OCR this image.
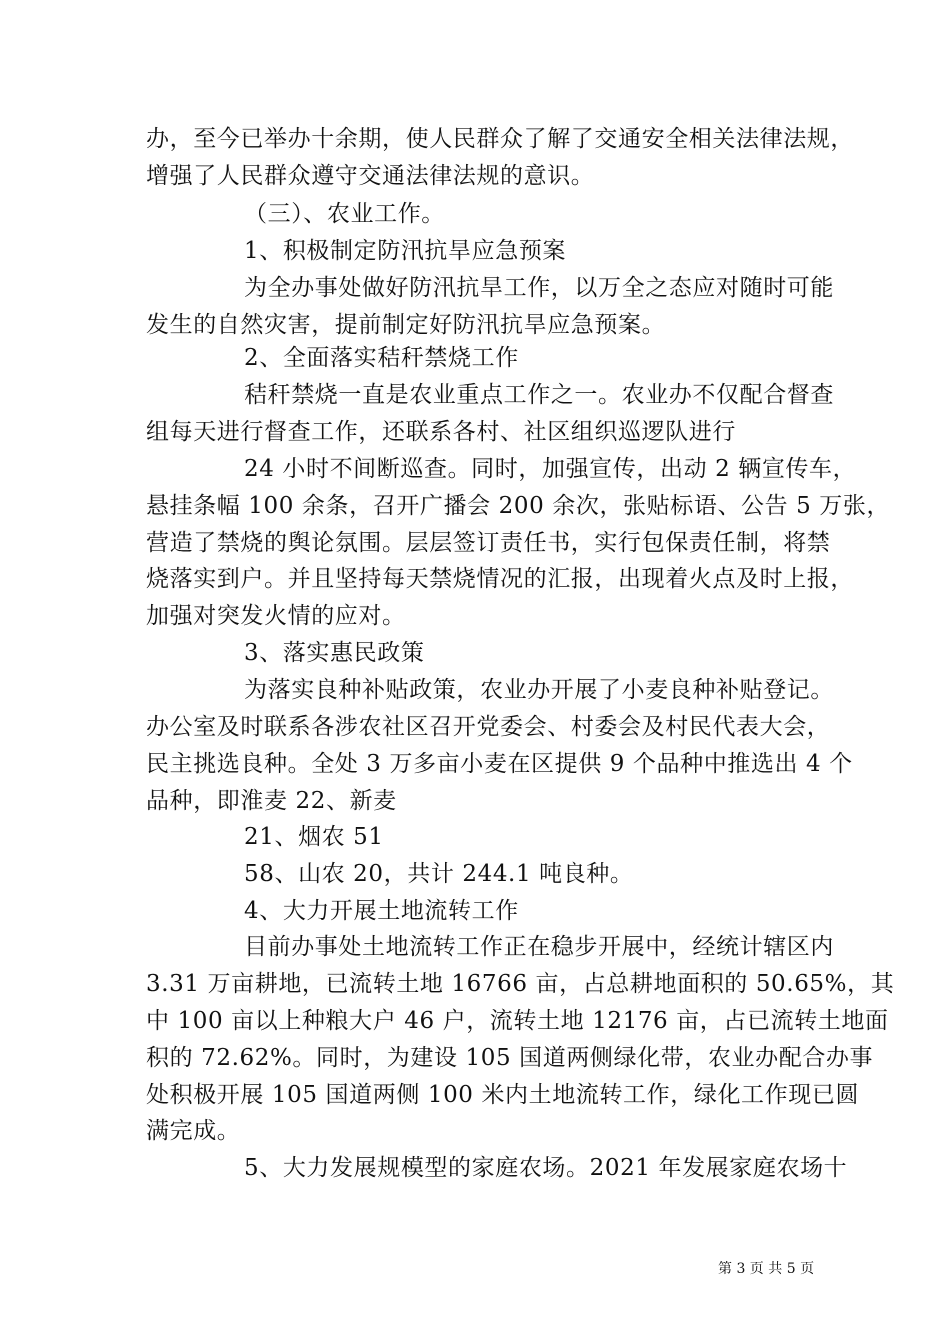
办，至今已举办十余期，使人民群众了解了交通安全相关法律法规，
增强了人民群众遵守交通法律法规的意识。
（三）、农业工作。
1、积极制定防汛抗旱应急预案
为全办事处做好防汛抗旱工作，以万全之态应对随时可能
发生的自然灾害，提前制定好防汛抗旱应急预案。
2、全面落实秸秆禁烧工作
秸秆禁烧一直是农业重点工作之一。农业办不仅配合督查
组每天进行督查工作，还联系各村、社区组织巡逻队进行
24 小时不间断巡查。同时，加强宣传，出动 2 辆宣传车，
悬挂条幅 100 余条，召开广播会 200 余次，张贴标语、公告 5 万张，
营造了禁烧的舆论氛围。层层签订责任书，实行包保责任制，将禁
烧落实到户。并且坚持每天禁烧情况的汇报，出现着火点及时上报，
加强对突发火情的应对。
3、落实惠民政策
为落实良种补贴政策，农业办开展了小麦良种补贴登记。
办公室及时联系各涉农社区召开党委会、村委会及村民代表大会，
民主挑选良种。全处 3 万多亩小麦在区提供 9 个品种中推选出 4 个
品种，即淮麦 22、新麦
21、烟农 51
58、山农 20，共计 244.1 吨良种。
4、大力开展土地流转工作
目前办事处土地流转工作正在稳步开展中，经统计辖区内
3.31 万亩耕地，已流转土地 16766 亩，占总耕地面积的 50.65%，其
中 100 亩以上种粮大户 46 户，流转土地 12176 亩，占已流转土地面
积的 72.62%。同时，为建设 105 国道两侧绿化带，农业办配合办事
处积极开展 105 国道两侧 100 米内土地流转工作，绿化工作现已圆
满完成。
5、大力发展规模型的家庭农场。2021 年发展家庭农场十
第 3 页 共 5 页
